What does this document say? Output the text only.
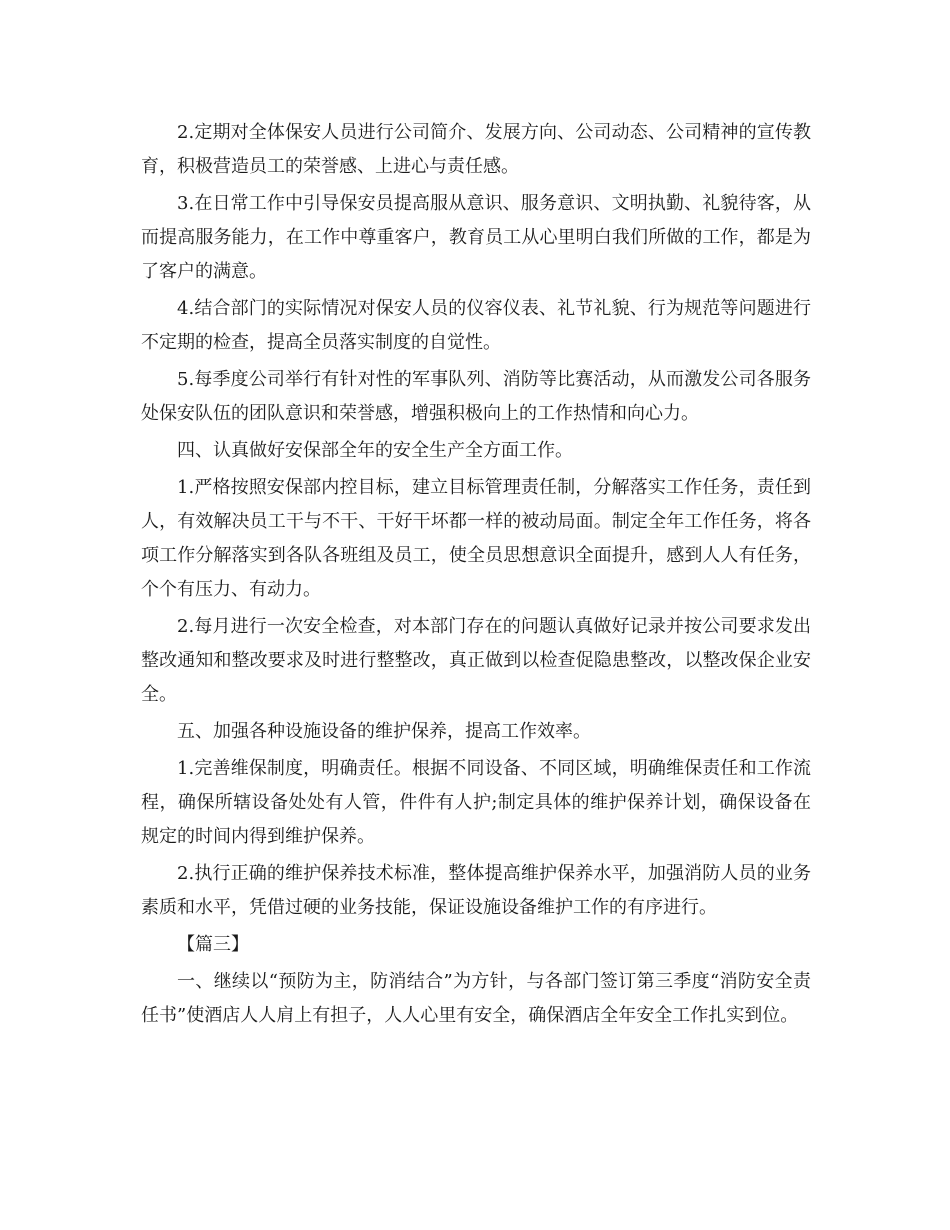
2.定期对全体保安人员进行公司简介、发展方向、公司动态、公司精神的宣传教育，积极营造员工的荣誉感、上进心与责任感。

3.在日常工作中引导保安员提高服从意识、服务意识、文明执勤、礼貌待客，从而提高服务能力，在工作中尊重客户，教育员工从心里明白我们所做的工作，都是为了客户的满意。

4.结合部门的实际情况对保安人员的仪容仪表、礼节礼貌、行为规范等问题进行不定期的检查，提高全员落实制度的自觉性。

5.每季度公司举行有针对性的军事队列、消防等比赛活动，从而激发公司各服务处保安队伍的团队意识和荣誉感，增强积极向上的工作热情和向心力。

四、认真做好安保部全年的安全生产全方面工作。

1.严格按照安保部内控目标，建立目标管理责任制，分解落实工作任务，责任到人，有效解决员工干与不干、干好干坏都一样的被动局面。制定全年工作任务，将各项工作分解落实到各队各班组及员工，使全员思想意识全面提升，感到人人有任务，个个有压力、有动力。

2.每月进行一次安全检查，对本部门存在的问题认真做好记录并按公司要求发出整改通知和整改要求及时进行整整改，真正做到以检查促隐患整改，以整改保企业安全。

五、加强各种设施设备的维护保养，提高工作效率。

1.完善维保制度，明确责任。根据不同设备、不同区域，明确维保责任和工作流程，确保所辖设备处处有人管，件件有人护;制定具体的维护保养计划，确保设备在规定的时间内得到维护保养。

2.执行正确的维护保养技术标准，整体提高维护保养水平，加强消防人员的业务素质和水平，凭借过硬的业务技能，保证设施设备维护工作的有序进行。

【篇三】

一、继续以“预防为主，防消结合”为方针，与各部门签订第三季度“消防安全责任书”使酒店人人肩上有担子，人人心里有安全，确保酒店全年安全工作扎实到位。
